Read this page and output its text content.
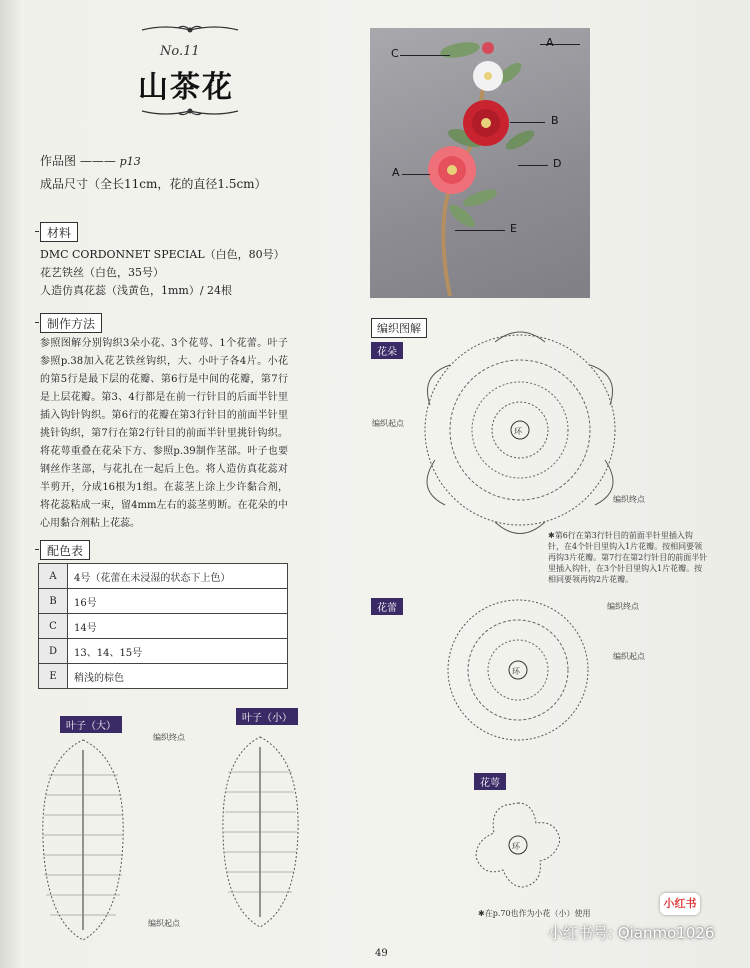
No.11
山茶花
作品图 ——— p13
成品尺寸（全长11cm，花的直径1.5cm）
材料
DMC CORDONNET SPECIAL（白色，80号）
花艺铁丝（白色，35号）
人造仿真花蕊（浅黄色，1mm）/ 24根
制作方法
参照图解分别钩织3朵小花、3个花萼、1个花蕾。叶子参照p.38加入花艺铁丝钩织，大、小叶子各4片。小花的第5行是最下层的花瓣、第6行是中间的花瓣，第7行是上层花瓣。第3、4行都是在前一行针目的后面半针里插入钩针钩织。第6行的花瓣在第3行针目的前面半针里挑针钩织，第7行在第2行针目的前面半针里挑针钩织。将花萼重叠在花朵下方、参照p.39制作茎部。叶子也要钢丝作茎部，与花扎在一起后上色。将人造仿真花蕊对半剪开，分成16根为1组。在蕊茎上涂上少许黏合剂，将花蕊粘成一束，留4mm左右的蕊茎剪断。在花朵的中心用黏合剂粘上花蕊。
配色表
A	4号（花蕾在未浸湿的状态下上色）
B	16号
C	14号
D	13、14、15号
E	稍浅的棕色
A
C
B
D
A
E
编织图解
花朵
环
编织起点
编织终点
✱第6行在第3行针目的前面半针里插入钩针，在4个针目里钩入1片花瓣。按相同要领再钩3片花瓣。第7行在第2行针目的前面半针里插入钩针，在3个针目里钩入1片花瓣。按相同要领再钩2片花瓣。
花蕾
环
编织终点
编织起点
花萼
环
✱在p.70也作为小花（小）使用
叶子（大）
叶子（小）
编织终点
编织起点
49
小红书
小红书号: Qianmo1026
